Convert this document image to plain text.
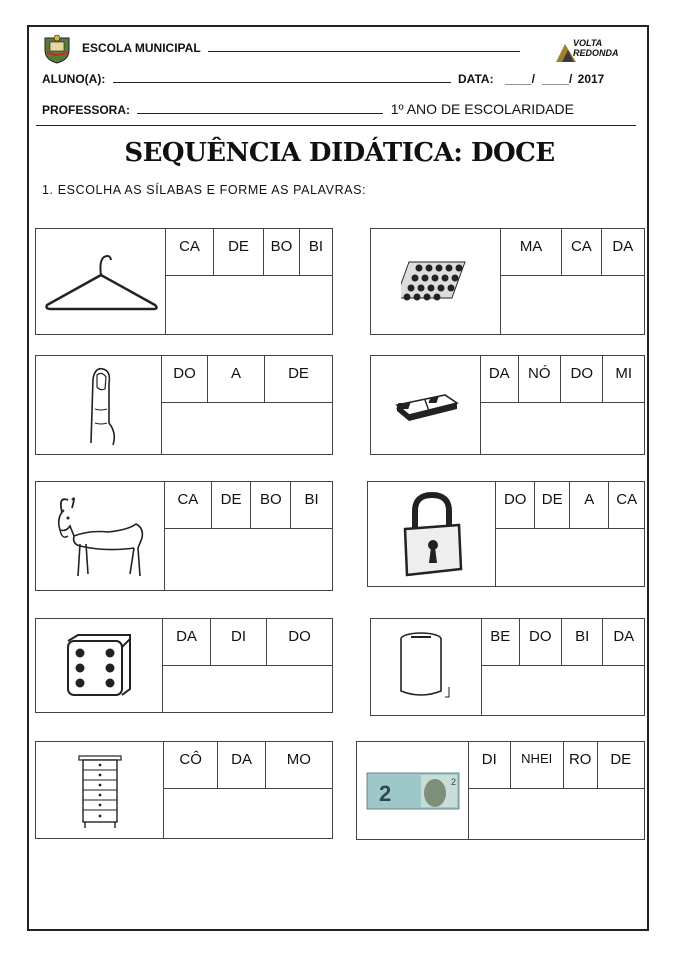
ESCOLA MUNICIPAL	VOLTA
REDONDA
ALUNO(A):	DATA: ____/ ____/ 2017
PROFESSORA:	1º ANO DE ESCOLARIDADE
SEQUÊNCIA DIDÁTICA: DOCE
1. ESCOLHA AS SÍLABAS E FORME AS PALAVRAS:
CA	DE	BO	BI	MA	CA	DA
DO	A	DE	DA	NÓ	DO	MI
CA	DE	BO	BI	DO	DE	A	CA
DA	DI	DO	BE	DO	BI	DA
CÔ	DA	MO
2	2
DI	NHEI	RO	DE
